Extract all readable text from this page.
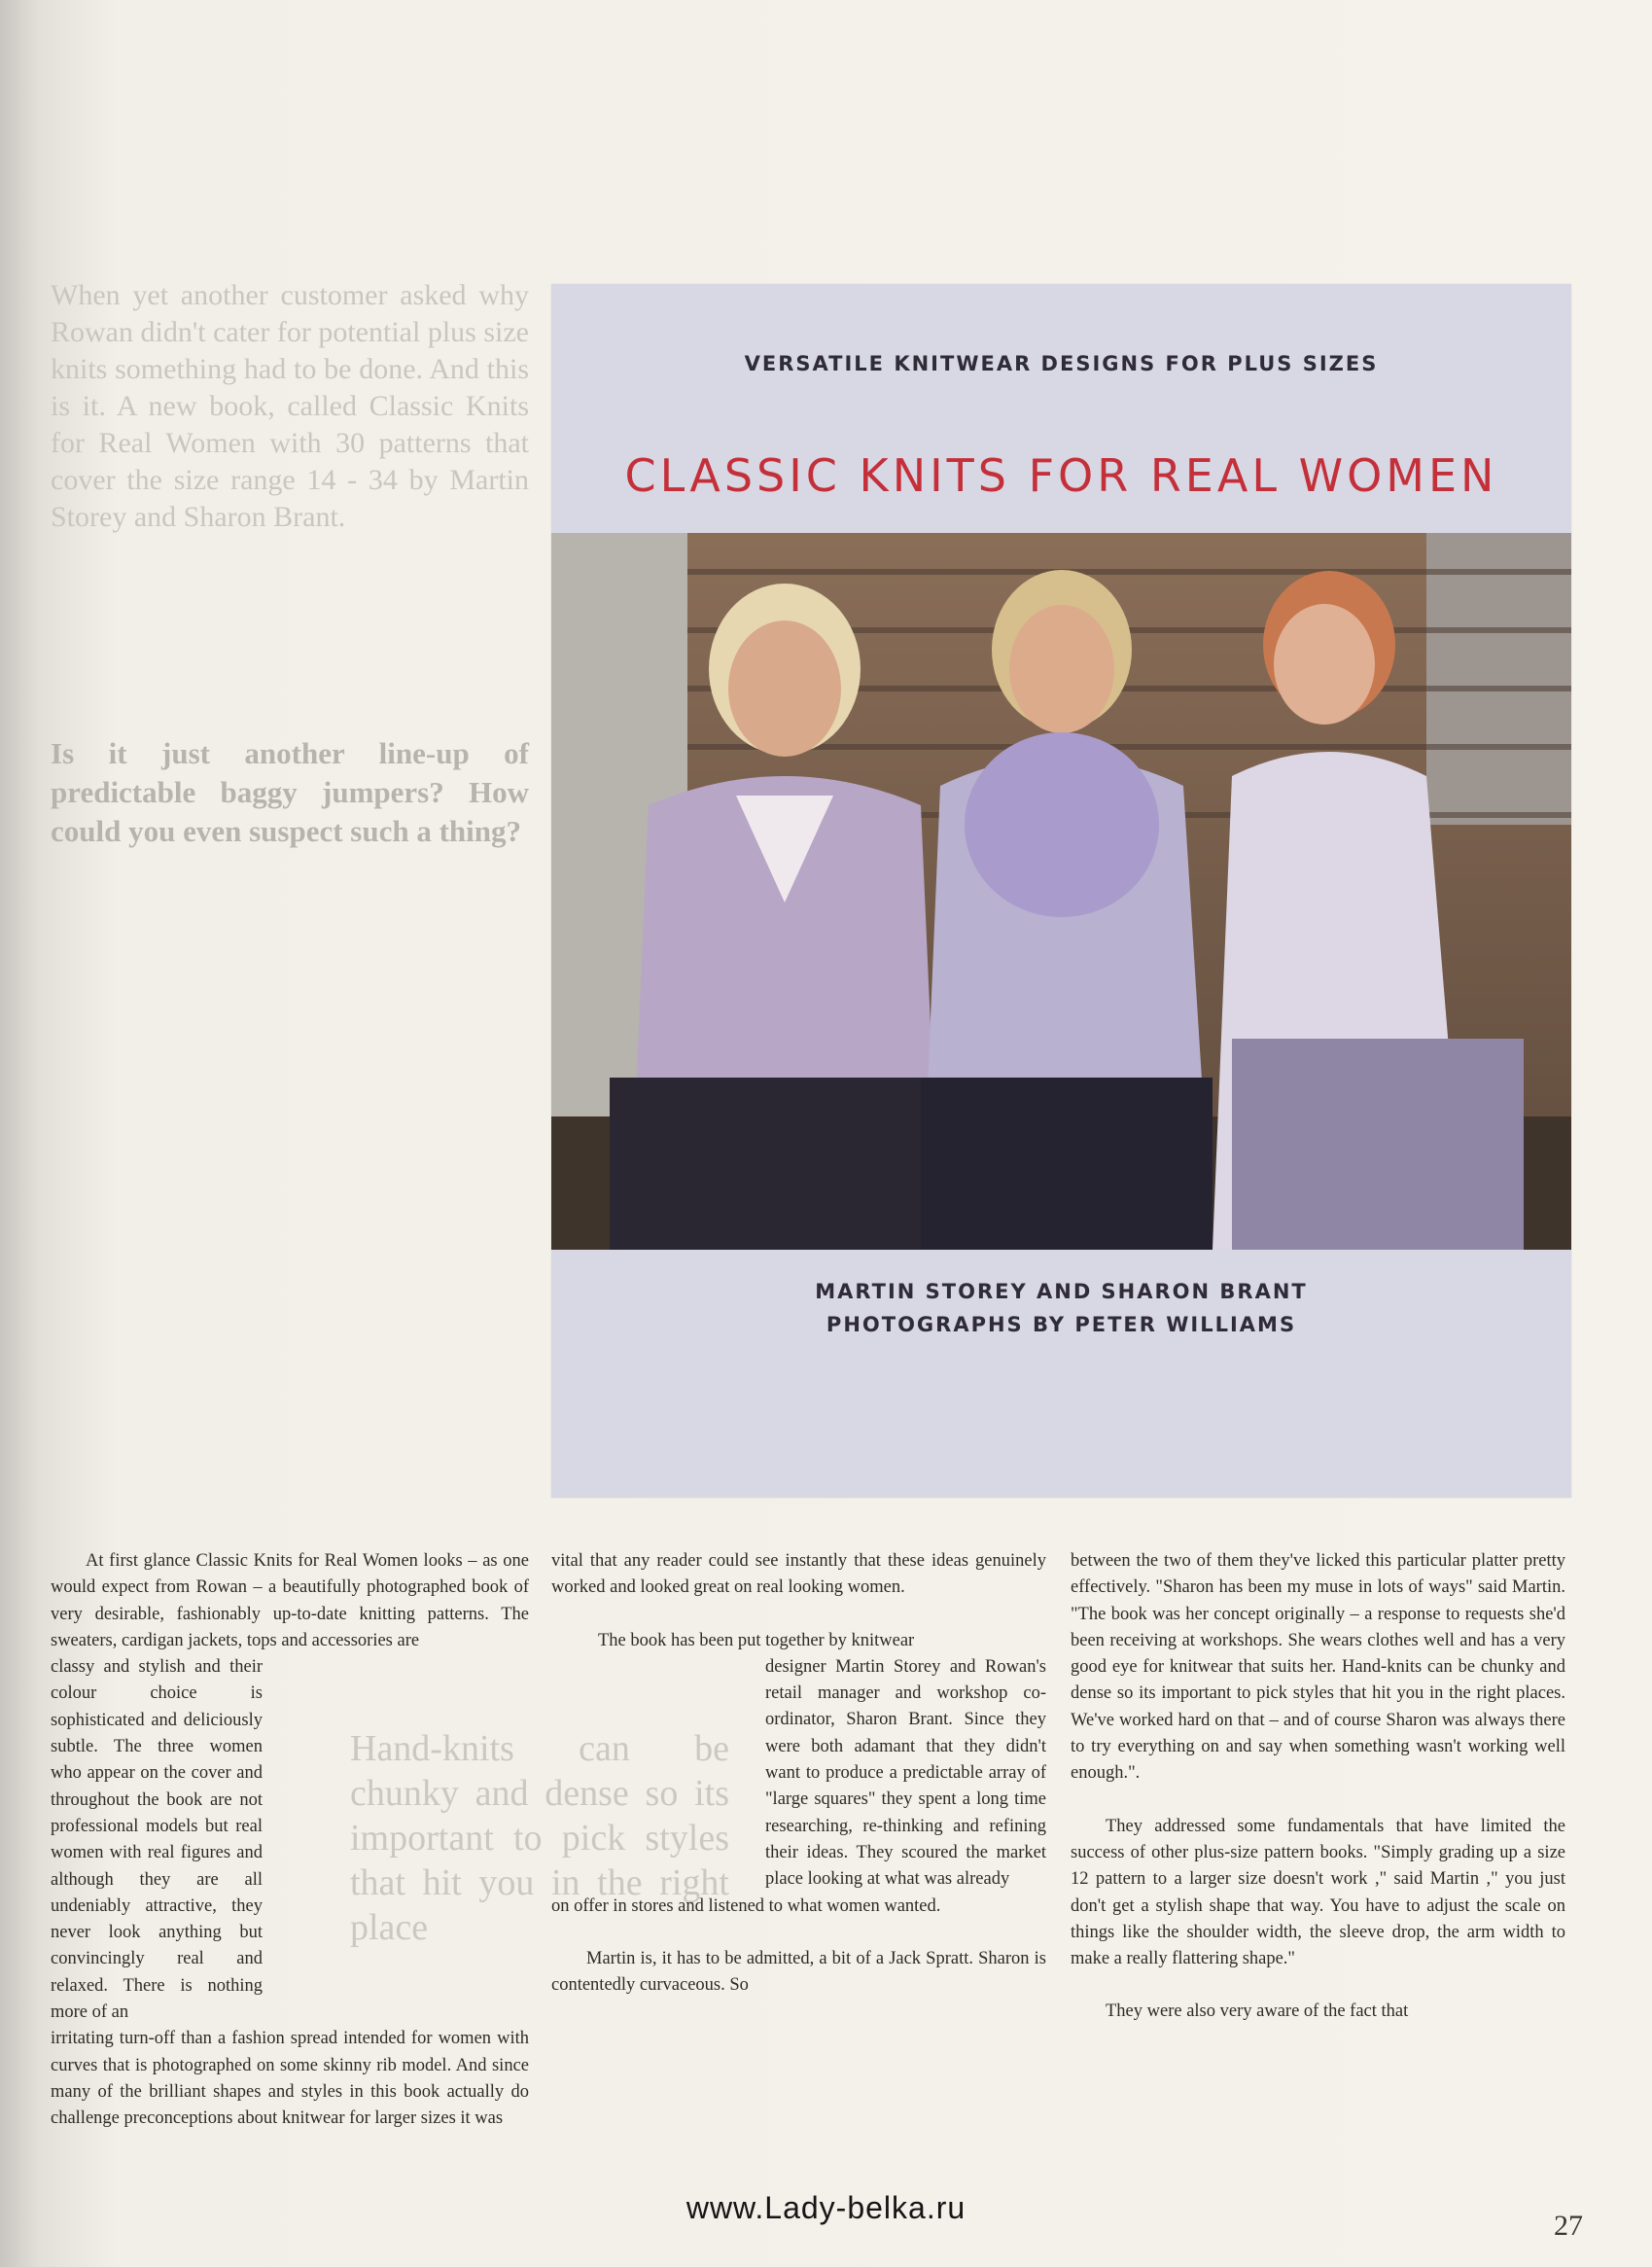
When yet another customer asked why Rowan didn't cater for potential plus size knits something had to be done. And this is it. A new book, called Classic Knits for Real Women with 30 patterns that cover the size range 14 - 34 by Martin Storey and Sharon Brant.
Is it just another line-up of predictable baggy jumpers? How could you even suspect such a thing?
VERSATILE KNITWEAR DESIGNS FOR PLUS SIZES
CLASSIC KNITS FOR REAL WOMEN
MARTIN STOREY AND SHARON BRANT
PHOTOGRAPHS BY PETER WILLIAMS

At first glance Classic Knits for Real Women looks – as one would expect from Rowan – a beautifully photographed book of very desirable, fashionably up-to-date knitting patterns. The sweaters, cardigan jackets, tops and accessories are

classy and stylish and their colour choice is sophisticated and deliciously subtle. The three women who appear on the cover and throughout the book are not professional models but real women with real figures and although they are all undeniably attractive, they never look anything but convincingly real and relaxed. There is nothing more of an

irritating turn-off than a fashion spread intended for women with curves that is photographed on some skinny rib model. And since many of the brilliant shapes and styles in this book actually do challenge preconceptions about knitwear for larger sizes it was

Hand-knits can be chunky and dense so its important to pick styles that hit you in the right place

vital that any reader could see instantly that these ideas genuinely worked and looked great on real looking women.

The book has been put together by knitwear

designer Martin Storey and Rowan's retail manager and workshop co-ordinator, Sharon Brant. Since they were both adamant that they didn't want to produce a predictable array of "large squares" they spent a long time researching, re-thinking and refining their ideas. They scoured the market place looking at what was already

on offer in stores and listened to what women wanted.

Martin is, it has to be admitted, a bit of a Jack Spratt. Sharon is contentedly curvaceous. So

between the two of them they've licked this particular platter pretty effectively. "Sharon has been my muse in lots of ways" said Martin. "The book was her concept originally – a response to requests she'd been receiving at workshops. She wears clothes well and has a very good eye for knitwear that suits her. Hand-knits can be chunky and dense so its important to pick styles that hit you in the right places. We've worked hard on that – and of course Sharon was always there to try everything on and say when something wasn't working well enough.".

They addressed some fundamentals that have limited the success of other plus-size pattern books. "Simply grading up a size 12 pattern to a larger size doesn't work ," said Martin ," you just don't get a stylish shape that way. You have to adjust the scale on things like the shoulder width, the sleeve drop, the arm width to make a really flattering shape."

They were also very aware of the fact that

www.Lady-belka.ru
27
